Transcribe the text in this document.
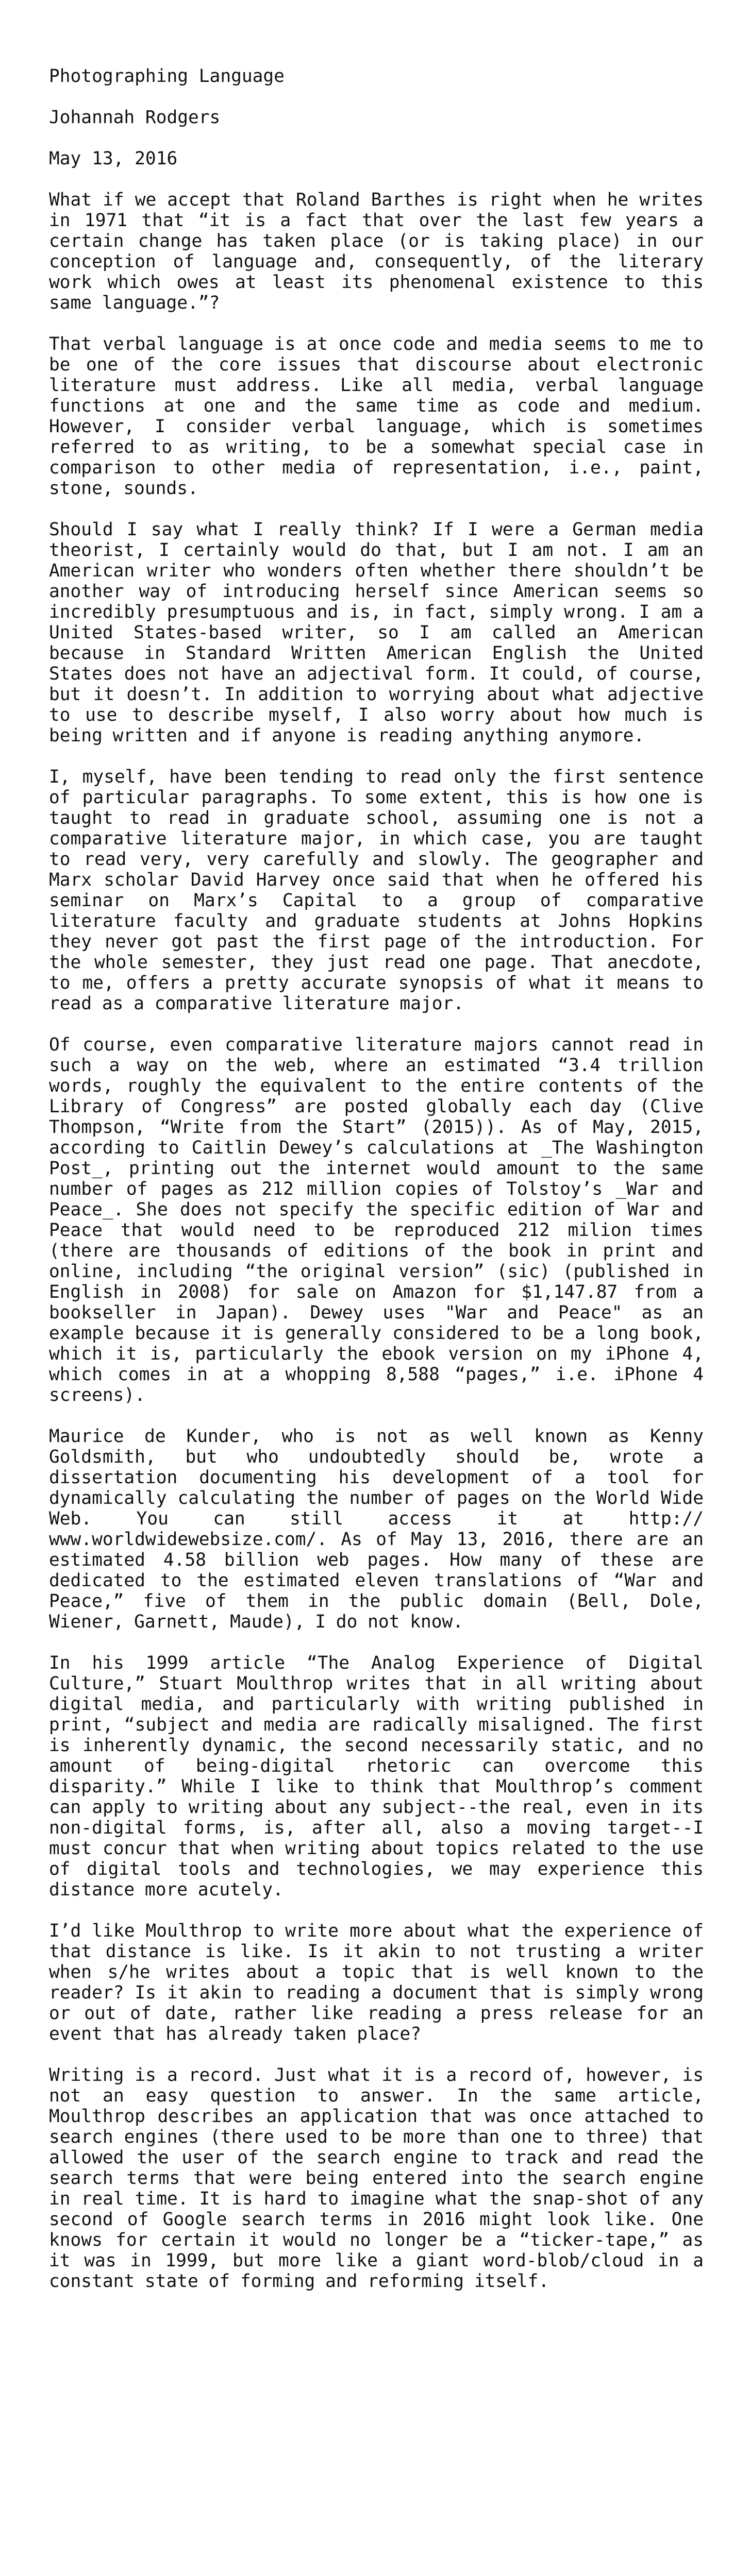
Photographing Language

Johannah Rodgers

May 13, 2016

What if we accept that Roland Barthes is right when he writes in 1971 that “it is a fact that over the last few years a certain change has taken place (or is taking place) in our conception of language and, consequently, of the literary work which owes at least its phenomenal existence to this same language.”?

That verbal language is at once code and media seems to me to be one of the core issues that discourse about electronic literature must address. Like all media, verbal language functions at one and the same time as code and medium. However, I consider verbal language, which is sometimes referred to as writing, to be a somewhat special case in comparison to other media of representation, i.e., paint, stone, sounds.

Should I say what I really think? If I were a German media theorist, I certainly would do that, but I am not. I am an American writer who wonders often whether there shouldn’t be another way of introducing herself since American seems so incredibly presumptuous and is, in fact, simply wrong. I am a United States-based writer, so I am called an American because in Standard Written American English the United States does not have an adjectival form. It could, of course, but it doesn’t. In addition to worrying about what adjective to use to describe myself, I also worry about how much is being written and if anyone is reading anything anymore.

I, myself, have been tending to read only the first sentence of particular paragraphs. To some extent, this is how one is taught to read in graduate school, assuming one is not a comparative literature major, in which case, you are taught to read very, very carefully and slowly. The geographer and Marx scholar David Harvey once said that when he offered his seminar on Marx’s Capital to a group of comparative literature faculty and graduate students at Johns Hopkins they never got past the first page of the introduction. For the whole semester, they just read one page. That anecdote, to me, offers a pretty accurate synopsis of what it means to read as a comparative literature major.

Of course, even comparative literature majors cannot read in such a way on the web, where an estimated “3.4 trillion words, roughly the equivalent to the entire contents of the Library of Congress” are posted globally each day (Clive Thompson, “Write from the Start” (2015)). As of May, 2015, according to Caitlin Dewey’s calculations at _The Washington Post_, printing out the internet would amount to the same number of pages as 212 million copies of Tolstoy’s _War and Peace_. She does not specify the specific edition of War and Peace that would need to be reproduced 212 milion times (there are thousands of editions of the book in print and online, including “the original version” (sic) (published in English in 2008) for sale on Amazon for $1,147.87 from a bookseller in Japan). Dewey uses "War and Peace" as an example because it is generally considered to be a long book, which it is, particularly the ebook version on my iPhone 4, which comes in at a whopping 8,588 “pages,” i.e. iPhone 4 screens).

Maurice de Kunder, who is not as well known as Kenny Goldsmith, but who undoubtedly should be, wrote a dissertation documenting his development of a tool for dynamically calculating the number of pages on the World Wide Web. You can still access it at http:// www.worldwidewebsize.com/. As of May 13, 2016, there are an estimated 4.58 billion web pages. How many of these are dedicated to the estimated eleven translations of “War and Peace,” five of them in the public domain (Bell, Dole, Wiener, Garnett, Maude), I do not know.

In his 1999 article “The Analog Experience of Digital Culture,” Stuart Moulthrop writes that in all writing about digital media, and particularly with writing published in print, “subject and media are radically misaligned. The first is inherently dynamic, the second necessarily static, and no amount of being-digital rhetoric can overcome this disparity.” While I like to think that Moulthrop’s comment can apply to writing about any subject--the real, even in its non-digital forms, is, after all, also a moving target--I must concur that when writing about topics related to the use of digital tools and technologies, we may experience this distance more acutely.

I’d like Moulthrop to write more about what the experience of that distance is like. Is it akin to not trusting a writer when s/he writes about a topic that is well known to the reader? Is it akin to reading a document that is simply wrong or out of date, rather like reading a press release for an event that has already taken place?

Writing is a record. Just what it is a record of, however, is not an easy question to answer. In the same article, Moulthrop describes an application that was once attached to search engines (there used to be more than one to three) that allowed the user of the search engine to track and read the search terms that were being entered into the search engine in real time. It is hard to imagine what the snap-shot of any second of Google search terms in 2016 might look like. One knows for certain it would no longer be a “ticker-tape,” as it was in 1999, but more like a giant word-blob/cloud in a constant state of forming and reforming itself.
